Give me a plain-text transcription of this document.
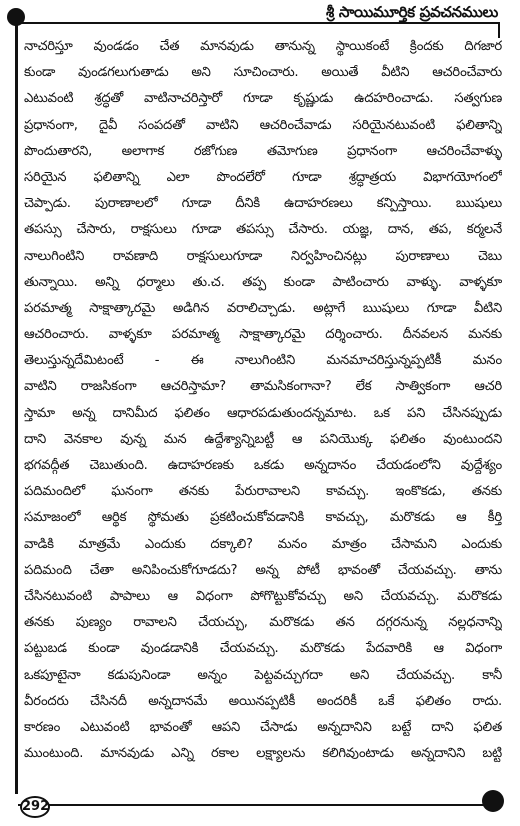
శ్రీ సాయిమూర్తిక ప్రవచనములు
నాచరిస్తూ వుండడం చేత మానవుడు తానున్న స్థాయికంటే క్రిందకు దిగజార
కుండా వుండగలుగుతాడు అని సూచించారు. అయితే వీటిని ఆచరించేవారు
ఎటువంటి శ్రద్ధతో వాటినాచరిస్తారో గూడా కృష్ణుడు ఉదహరించాడు. సత్వగుణ
ప్రధానంగా, దైవీ సంపదతో వాటిని ఆచరించేవాడు సరియైనటువంటి ఫలితాన్ని
పొందుతారని, అలాగాక రజోగుణ తమోగుణ ప్రధానంగా ఆచరించేవాళ్ళు
సరియైన ఫలితాన్ని ఎలా పొందలేరో గూడా శ్రద్ధాత్రయ విభాగయోగంలో
చెప్పాడు. పురాణాలలో గూడా దీనికి ఉదాహరణలు కన్పిస్తాయి. ఋషులు
తపస్సు చేసారు, రాక్షసులు గూడా తపస్సు చేసారు. యజ్ఞ, దాన, తప, కర్మలనే
నాలుగింటిని రావణాది రాక్షసులుగూడా నిర్వహించినట్లు పురాణాలు చెబు
తున్నాయి. అన్ని ధర్మాలు తు.చ. తప్ప కుండా పాటించారు వాళ్ళు. వాళ్ళకూ
పరమాత్మ సాక్షాత్కారమై అడిగిన వరాలిచ్చాడు. అట్లాగే ఋషులు గూడా వీటిని
ఆచరించారు. వాళ్ళకూ పరమాత్మ సాక్షాత్కారమై దర్శించారు. దీనవలన మనకు
తెలుస్తున్నదేమిటంటే - ఈ నాలుగింటిని మనమాచరిస్తున్నప్పటికీ మనం
వాటిని రాజసికంగా ఆచరిస్తామా? తామసికంగానా? లేక సాత్వికంగా ఆచరి
స్తామా అన్న దానిమీద ఫలితం ఆధారపడుతుందన్నమాట. ఒక పని చేసినప్పుడు
దాని వెనకాల వున్న మన ఉద్దేశ్యాన్నిబట్టీ ఆ పనియొక్క ఫలితం వుంటుందని
భగవద్గీత చెబుతుంది. ఉదాహరణకు ఒకడు అన్నదానం చేయడంలోని వుద్దేశ్యం
పదిమందిలో ఘనంగా తనకు పేరురావాలని కావచ్చు. ఇంకొకడు, తనకు
సమాజంలో ఆర్థిక స్థోమతు ప్రకటించుకోవడానికి కావచ్చు, మరొకడు ఆ కీర్తి
వాడికి మాత్రమే ఎందుకు దక్కాలి? మనం మాత్రం చేసామని ఎందుకు
పదిమంది చేతా అనిపించుకోగూడదు? అన్న పోటీ భావంతో చేయవచ్చు. తాను
చేసినటువంటి పాపాలు ఆ విధంగా పోగొట్టుకోవచ్చు అని చేయవచ్చు. మరొకడు
తనకు పుణ్యం రావాలని చేయచ్చు, మరొకడు తన దగ్గరనున్న నల్లధనాన్ని
పట్టుబడ కుండా వుండడానికి చేయవచ్చు. మరొకడు పేదవారికి ఆ విధంగా
ఒకపూటైనా కడుపునిండా అన్నం పెట్టవచ్చుగదా అని చేయవచ్చు. కానీ
వీరందరు చేసినదీ అన్నదానమే అయినప్పటికీ అందరికీ ఒకే ఫలితం రాదు.
కారణం ఎటువంటి భావంతో ఆపని చేసాడు అన్నదానిని బట్టే దాని ఫలిత
ముంటుంది. మానవుడు ఎన్ని రకాల లక్ష్యాలను కలిగివుంటాడు అన్నదానిని బట్టి
292
